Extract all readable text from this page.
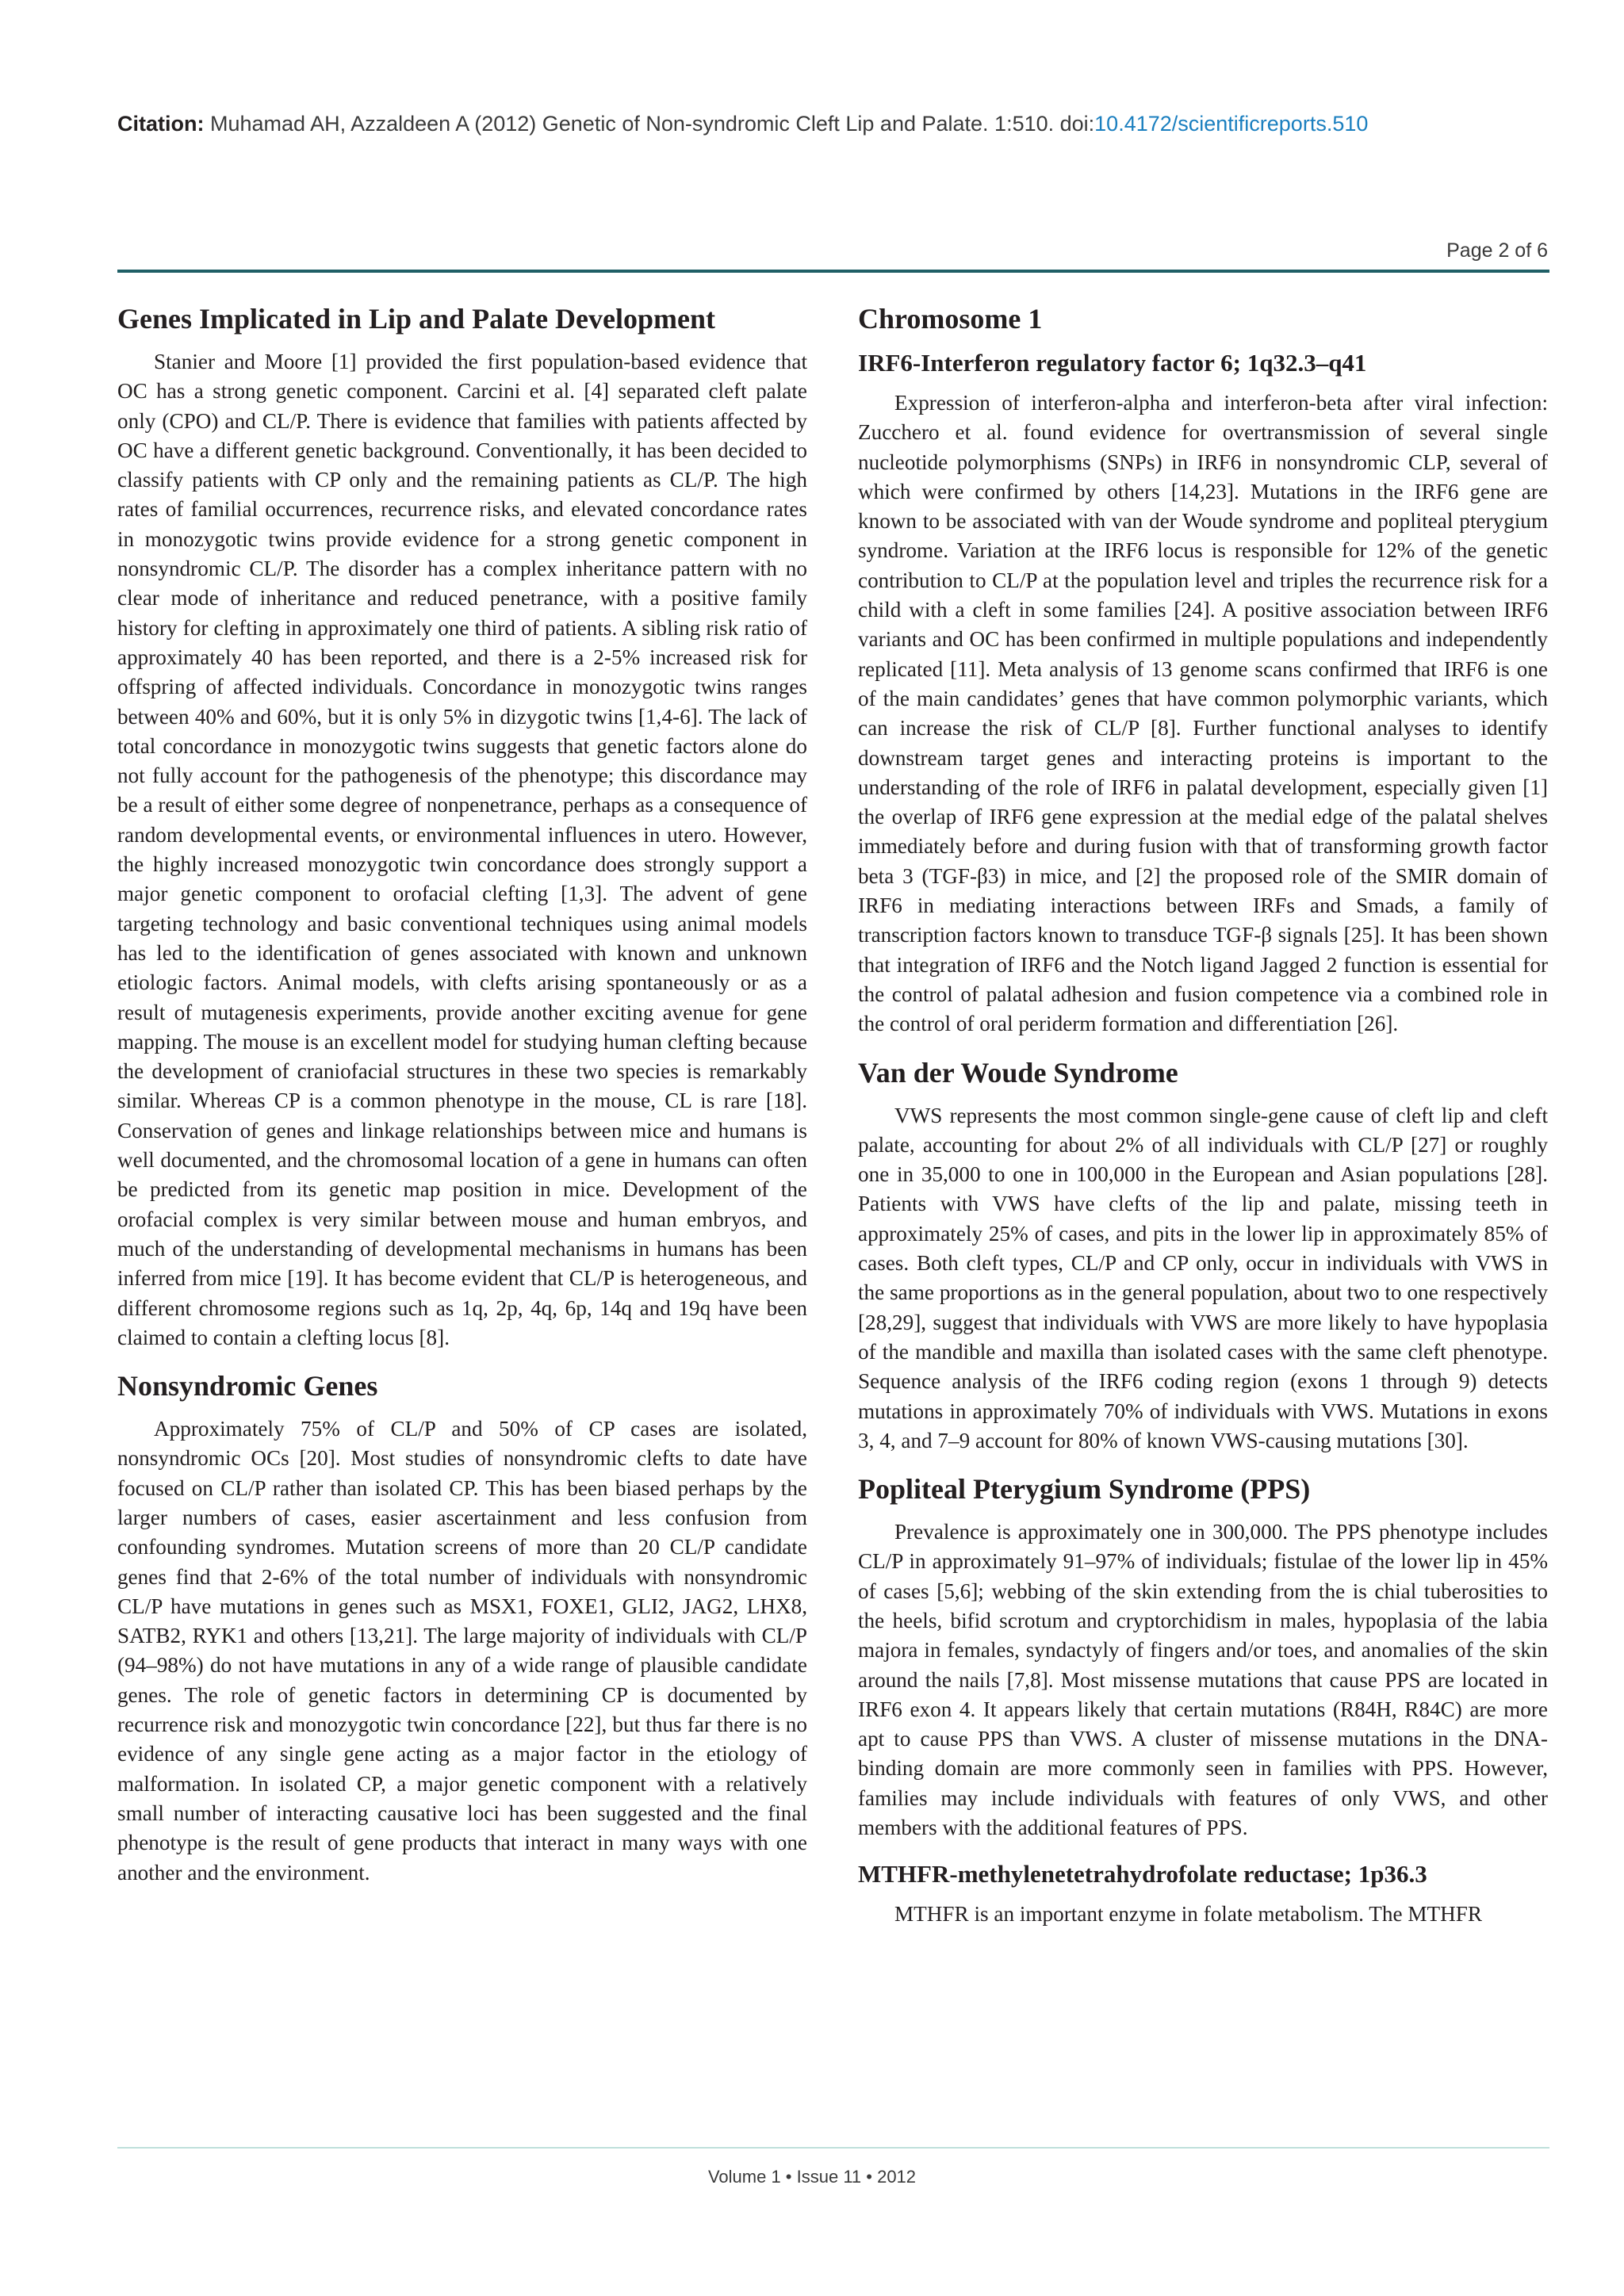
Citation: Muhamad AH, Azzaldeen A (2012) Genetic of Non-syndromic Cleft Lip and Palate. 1:510. doi:10.4172/scientificreports.510
Page 2 of 6
Genes Implicated in Lip and Palate Development

Stanier and Moore [1] provided the first population-based evidence that OC has a strong genetic component. Carcini et al. [4] separated cleft palate only (CPO) and CL/P. There is evidence that families with patients affected by OC have a different genetic background. Conventionally, it has been decided to classify patients with CP only and the remaining patients as CL/P. The high rates of familial occurrences, recurrence risks, and elevated concordance rates in monozygotic twins provide evidence for a strong genetic component in nonsyndromic CL/P. The disorder has a complex inheritance pattern with no clear mode of inheritance and reduced penetrance, with a positive family history for clefting in approximately one third of patients. A sibling risk ratio of approximately 40 has been reported, and there is a 2-5% increased risk for offspring of affected individuals. Concordance in monozygotic twins ranges between 40% and 60%, but it is only 5% in dizygotic twins [1,4-6]. The lack of total concordance in monozygotic twins suggests that genetic factors alone do not fully account for the pathogenesis of the phenotype; this discordance may be a result of either some degree of nonpenetrance, perhaps as a consequence of random developmental events, or environmental influences in utero. However, the highly increased monozygotic twin concordance does strongly support a major genetic component to orofacial clefting [1,3]. The advent of gene targeting technology and basic conventional techniques using animal models has led to the identification of genes associated with known and unknown etiologic factors. Animal models, with clefts arising spontaneously or as a result of mutagenesis experiments, provide another exciting avenue for gene mapping. The mouse is an excellent model for studying human clefting because the development of craniofacial structures in these two species is remarkably similar. Whereas CP is a common phenotype in the mouse, CL is rare [18]. Conservation of genes and linkage relationships between mice and humans is well documented, and the chromosomal location of a gene in humans can often be predicted from its genetic map position in mice. Development of the orofacial complex is very similar between mouse and human embryos, and much of the understanding of developmental mechanisms in humans has been inferred from mice [19]. It has become evident that CL/P is heterogeneous, and different chromosome regions such as 1q, 2p, 4q, 6p, 14q and 19q have been claimed to contain a clefting locus [8].

Nonsyndromic Genes

Approximately 75% of CL/P and 50% of CP cases are isolated, nonsyndromic OCs [20]. Most studies of nonsyndromic clefts to date have focused on CL/P rather than isolated CP. This has been biased perhaps by the larger numbers of cases, easier ascertainment and less confusion from confounding syndromes. Mutation screens of more than 20 CL/P candidate genes find that 2-6% of the total number of individuals with nonsyndromic CL/P have mutations in genes such as MSX1, FOXE1, GLI2, JAG2, LHX8, SATB2, RYK1 and others [13,21]. The large majority of individuals with CL/P (94–98%) do not have mutations in any of a wide range of plausible candidate genes. The role of genetic factors in determining CP is documented by recurrence risk and monozygotic twin concordance [22], but thus far there is no evidence of any single gene acting as a major factor in the etiology of malformation. In isolated CP, a major genetic component with a relatively small number of interacting causative loci has been suggested and the final phenotype is the result of gene products that interact in many ways with one another and the environment.

Chromosome 1
IRF6-Interferon regulatory factor 6; 1q32.3–q41

Expression of interferon-alpha and interferon-beta after viral infection: Zucchero et al. found evidence for overtransmission of several single nucleotide polymorphisms (SNPs) in IRF6 in nonsyndromic CLP, several of which were confirmed by others [14,23]. Mutations in the IRF6 gene are known to be associated with van der Woude syndrome and popliteal pterygium syndrome. Variation at the IRF6 locus is responsible for 12% of the genetic contribution to CL/P at the population level and triples the recurrence risk for a child with a cleft in some families [24]. A positive association between IRF6 variants and OC has been confirmed in multiple populations and independently replicated [11]. Meta analysis of 13 genome scans confirmed that IRF6 is one of the main candidates’ genes that have common polymorphic variants, which can increase the risk of CL/P [8]. Further functional analyses to identify downstream target genes and interacting proteins is important to the understanding of the role of IRF6 in palatal development, especially given [1] the overlap of IRF6 gene expression at the medial edge of the palatal shelves immediately before and during fusion with that of transforming growth factor beta 3 (TGF-β3) in mice, and [2] the proposed role of the SMIR domain of IRF6 in mediating interactions between IRFs and Smads, a family of transcription factors known to transduce TGF-β signals [25]. It has been shown that integration of IRF6 and the Notch ligand Jagged 2 function is essential for the control of palatal adhesion and fusion competence via a combined role in the control of oral periderm formation and differentiation [26].

Van der Woude Syndrome

VWS represents the most common single-gene cause of cleft lip and cleft palate, accounting for about 2% of all individuals with CL/P [27] or roughly one in 35,000 to one in 100,000 in the European and Asian populations [28]. Patients with VWS have clefts of the lip and palate, missing teeth in approximately 25% of cases, and pits in the lower lip in approximately 85% of cases. Both cleft types, CL/P and CP only, occur in individuals with VWS in the same proportions as in the general population, about two to one respectively [28,29], suggest that individuals with VWS are more likely to have hypoplasia of the mandible and maxilla than isolated cases with the same cleft phenotype. Sequence analysis of the IRF6 coding region (exons 1 through 9) detects mutations in approximately 70% of individuals with VWS. Mutations in exons 3, 4, and 7–9 account for 80% of known VWS-causing mutations [30].

Popliteal Pterygium Syndrome (PPS)

Prevalence is approximately one in 300,000. The PPS phenotype includes CL/P in approximately 91–97% of individuals; fistulae of the lower lip in 45% of cases [5,6]; webbing of the skin extending from the is chial tuberosities to the heels, bifid scrotum and cryptorchidism in males, hypoplasia of the labia majora in females, syndactyly of fingers and/or toes, and anomalies of the skin around the nails [7,8]. Most missense mutations that cause PPS are located in IRF6 exon 4. It appears likely that certain mutations (R84H, R84C) are more apt to cause PPS than VWS. A cluster of missense mutations in the DNA-binding domain are more commonly seen in families with PPS. However, families may include individuals with features of only VWS, and other members with the additional features of PPS.

MTHFR-methylenetetrahydrofolate reductase; 1p36.3

MTHFR is an important enzyme in folate metabolism. The MTHFR

Volume 1 • Issue 11 • 2012
